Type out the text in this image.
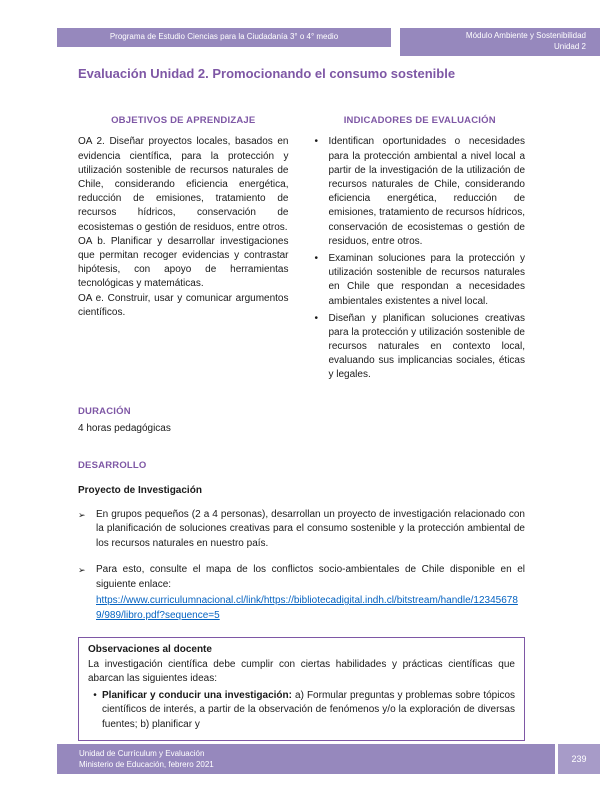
Programa de Estudio Ciencias para la Ciudadanía 3° o 4° medio	Módulo Ambiente y Sostenibilidad
Unidad 2
Evaluación Unidad 2. Promocionando el consumo sostenible
OBJETIVOS DE APRENDIZAJE

OA 2. Diseñar proyectos locales, basados en evidencia científica, para la protección y utilización sostenible de recursos naturales de Chile, considerando eficiencia energética, reducción de emisiones, tratamiento de recursos hídricos, conservación de ecosistemas o gestión de residuos, entre otros.

OA b. Planificar y desarrollar investigaciones que permitan recoger evidencias y contrastar hipótesis, con apoyo de herramientas tecnológicas y matemáticas.

OA e. Construir, usar y comunicar argumentos científicos.

INDICADORES DE EVALUACIÓN
•	Identifican oportunidades o necesidades para la protección ambiental a nivel local a partir de la investigación de la utilización de recursos naturales de Chile, considerando eficiencia energética, reducción de emisiones, tratamiento de recursos hídricos, conservación de ecosistemas o gestión de residuos, entre otros.
•	Examinan soluciones para la protección y utilización sostenible de recursos naturales en Chile que respondan a necesidades ambientales existentes a nivel local.
•	Diseñan y planifican soluciones creativas para la protección y utilización sostenible de recursos naturales en contexto local, evaluando sus implicancias sociales, éticas y legales.
DURACIÓN

4 horas pedagógicas

DESARROLLO

Proyecto de Investigación

➢	En grupos pequeños (2 a 4 personas), desarrollan un proyecto de investigación relacionado con la planificación de soluciones creativas para el consumo sostenible y la protección ambiental de los recursos naturales en nuestro país.

➢	Para esto, consulte el mapa de los conflictos socio-ambientales de Chile disponible en el siguiente enlace:

https://www.curriculumnacional.cl/link/https://bibliotecadigital.indh.cl/bitstream/handle/123456789/989/libro.pdf?sequence=5

Observaciones al docente

La investigación científica debe cumplir con ciertas habilidades y prácticas científicas que abarcan las siguientes ideas:

• Planificar y conducir una investigación: a) Formular preguntas y problemas sobre tópicos científicos de interés, a partir de la observación de fenómenos y/o la exploración de diversas fuentes; b) planificar y

Unidad de Currículum y Evaluación
Ministerio de Educación, febrero 2021
239
